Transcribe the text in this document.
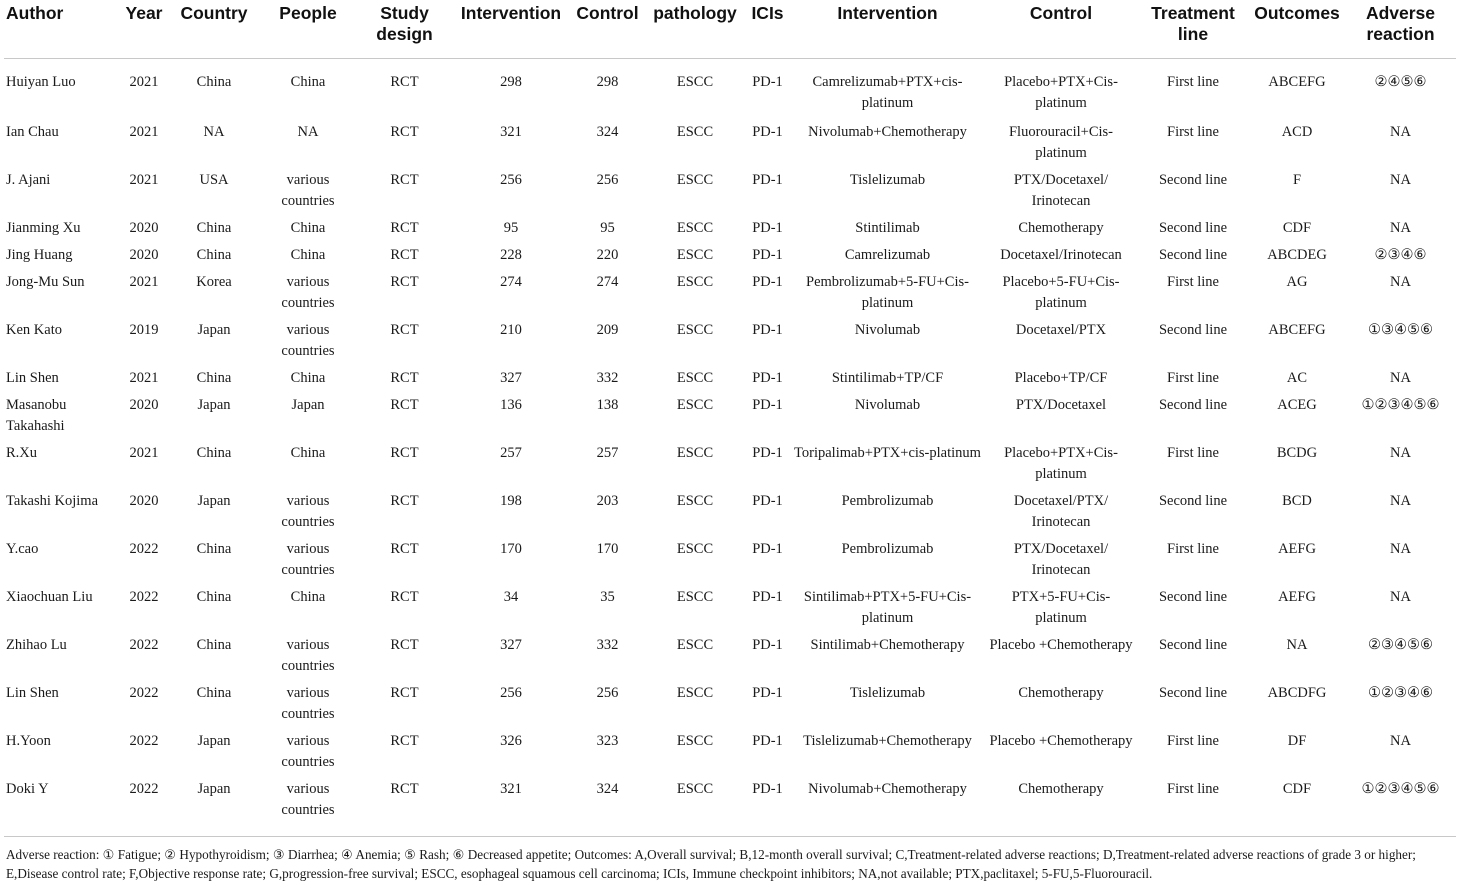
Author	Year	Country	People	Study design	Intervention	Control	pathology	ICIs	Intervention	Control	Treatment line	Outcomes	Adverse reaction
Huiyan Luo	2021	China	China	RCT	298	298	ESCC	PD-1	Camrelizumab+PTX+cis-platinum	Placebo+PTX+Cis-platinum	First line	ABCEFG	②④⑤⑥
Ian Chau	2021	NA	NA	RCT	321	324	ESCC	PD-1	Nivolumab+Chemotherapy	Fluorouracil+Cis-platinum	First line	ACD	NA
J. Ajani	2021	USA	various countries	RCT	256	256	ESCC	PD-1	Tislelizumab	PTX/Docetaxel/ Irinotecan	Second line	F	NA
Jianming Xu	2020	China	China	RCT	95	95	ESCC	PD-1	Stintilimab	Chemotherapy	Second line	CDF	NA
Jing Huang	2020	China	China	RCT	228	220	ESCC	PD-1	Camrelizumab	Docetaxel/Irinotecan	Second line	ABCDEG	②③④⑥
Jong-Mu Sun	2021	Korea	various countries	RCT	274	274	ESCC	PD-1	Pembrolizumab+5-FU+Cis-platinum	Placebo+5-FU+Cis-platinum	First line	AG	NA
Ken Kato	2019	Japan	various countries	RCT	210	209	ESCC	PD-1	Nivolumab	Docetaxel/PTX	Second line	ABCEFG	①③④⑤⑥
Lin Shen	2021	China	China	RCT	327	332	ESCC	PD-1	Stintilimab+TP/CF	Placebo+TP/CF	First line	AC	NA
Masanobu Takahashi	2020	Japan	Japan	RCT	136	138	ESCC	PD-1	Nivolumab	PTX/Docetaxel	Second line	ACEG	①②③④⑤⑥
R.Xu	2021	China	China	RCT	257	257	ESCC	PD-1	Toripalimab+PTX+cis-platinum	Placebo+PTX+Cis-platinum	First line	BCDG	NA
Takashi Kojima	2020	Japan	various countries	RCT	198	203	ESCC	PD-1	Pembrolizumab	Docetaxel/PTX/ Irinotecan	Second line	BCD	NA
Y.cao	2022	China	various countries	RCT	170	170	ESCC	PD-1	Pembrolizumab	PTX/Docetaxel/ Irinotecan	First line	AEFG	NA
Xiaochuan Liu	2022	China	China	RCT	34	35	ESCC	PD-1	Sintilimab+PTX+5-FU+Cis-platinum	PTX+5-FU+Cis-platinum	Second line	AEFG	NA
Zhihao Lu	2022	China	various countries	RCT	327	332	ESCC	PD-1	Sintilimab+Chemotherapy	Placebo +Chemotherapy	Second line	NA	②③④⑤⑥
Lin Shen	2022	China	various countries	RCT	256	256	ESCC	PD-1	Tislelizumab	Chemotherapy	Second line	ABCDFG	①②③④⑥
H.Yoon	2022	Japan	various countries	RCT	326	323	ESCC	PD-1	Tislelizumab+Chemotherapy	Placebo +Chemotherapy	First line	DF	NA
Doki Y	2022	Japan	various countries	RCT	321	324	ESCC	PD-1	Nivolumab+Chemotherapy	Chemotherapy	First line	CDF	①②③④⑤⑥
Adverse reaction: ① Fatigue; ② Hypothyroidism; ③ Diarrhea; ④ Anemia; ⑤ Rash; ⑥ Decreased appetite; Outcomes: A,Overall survival; B,12-month overall survival; C,Treatment-related adverse reactions; D,Treatment-related adverse reactions of grade 3 or higher; E,Disease control rate; F,Objective response rate; G,progression-free survival; ESCC, esophageal squamous cell carcinoma; ICIs, Immune checkpoint inhibitors; NA,not available; PTX,paclitaxel; 5-FU,5-Fluorouracil.
